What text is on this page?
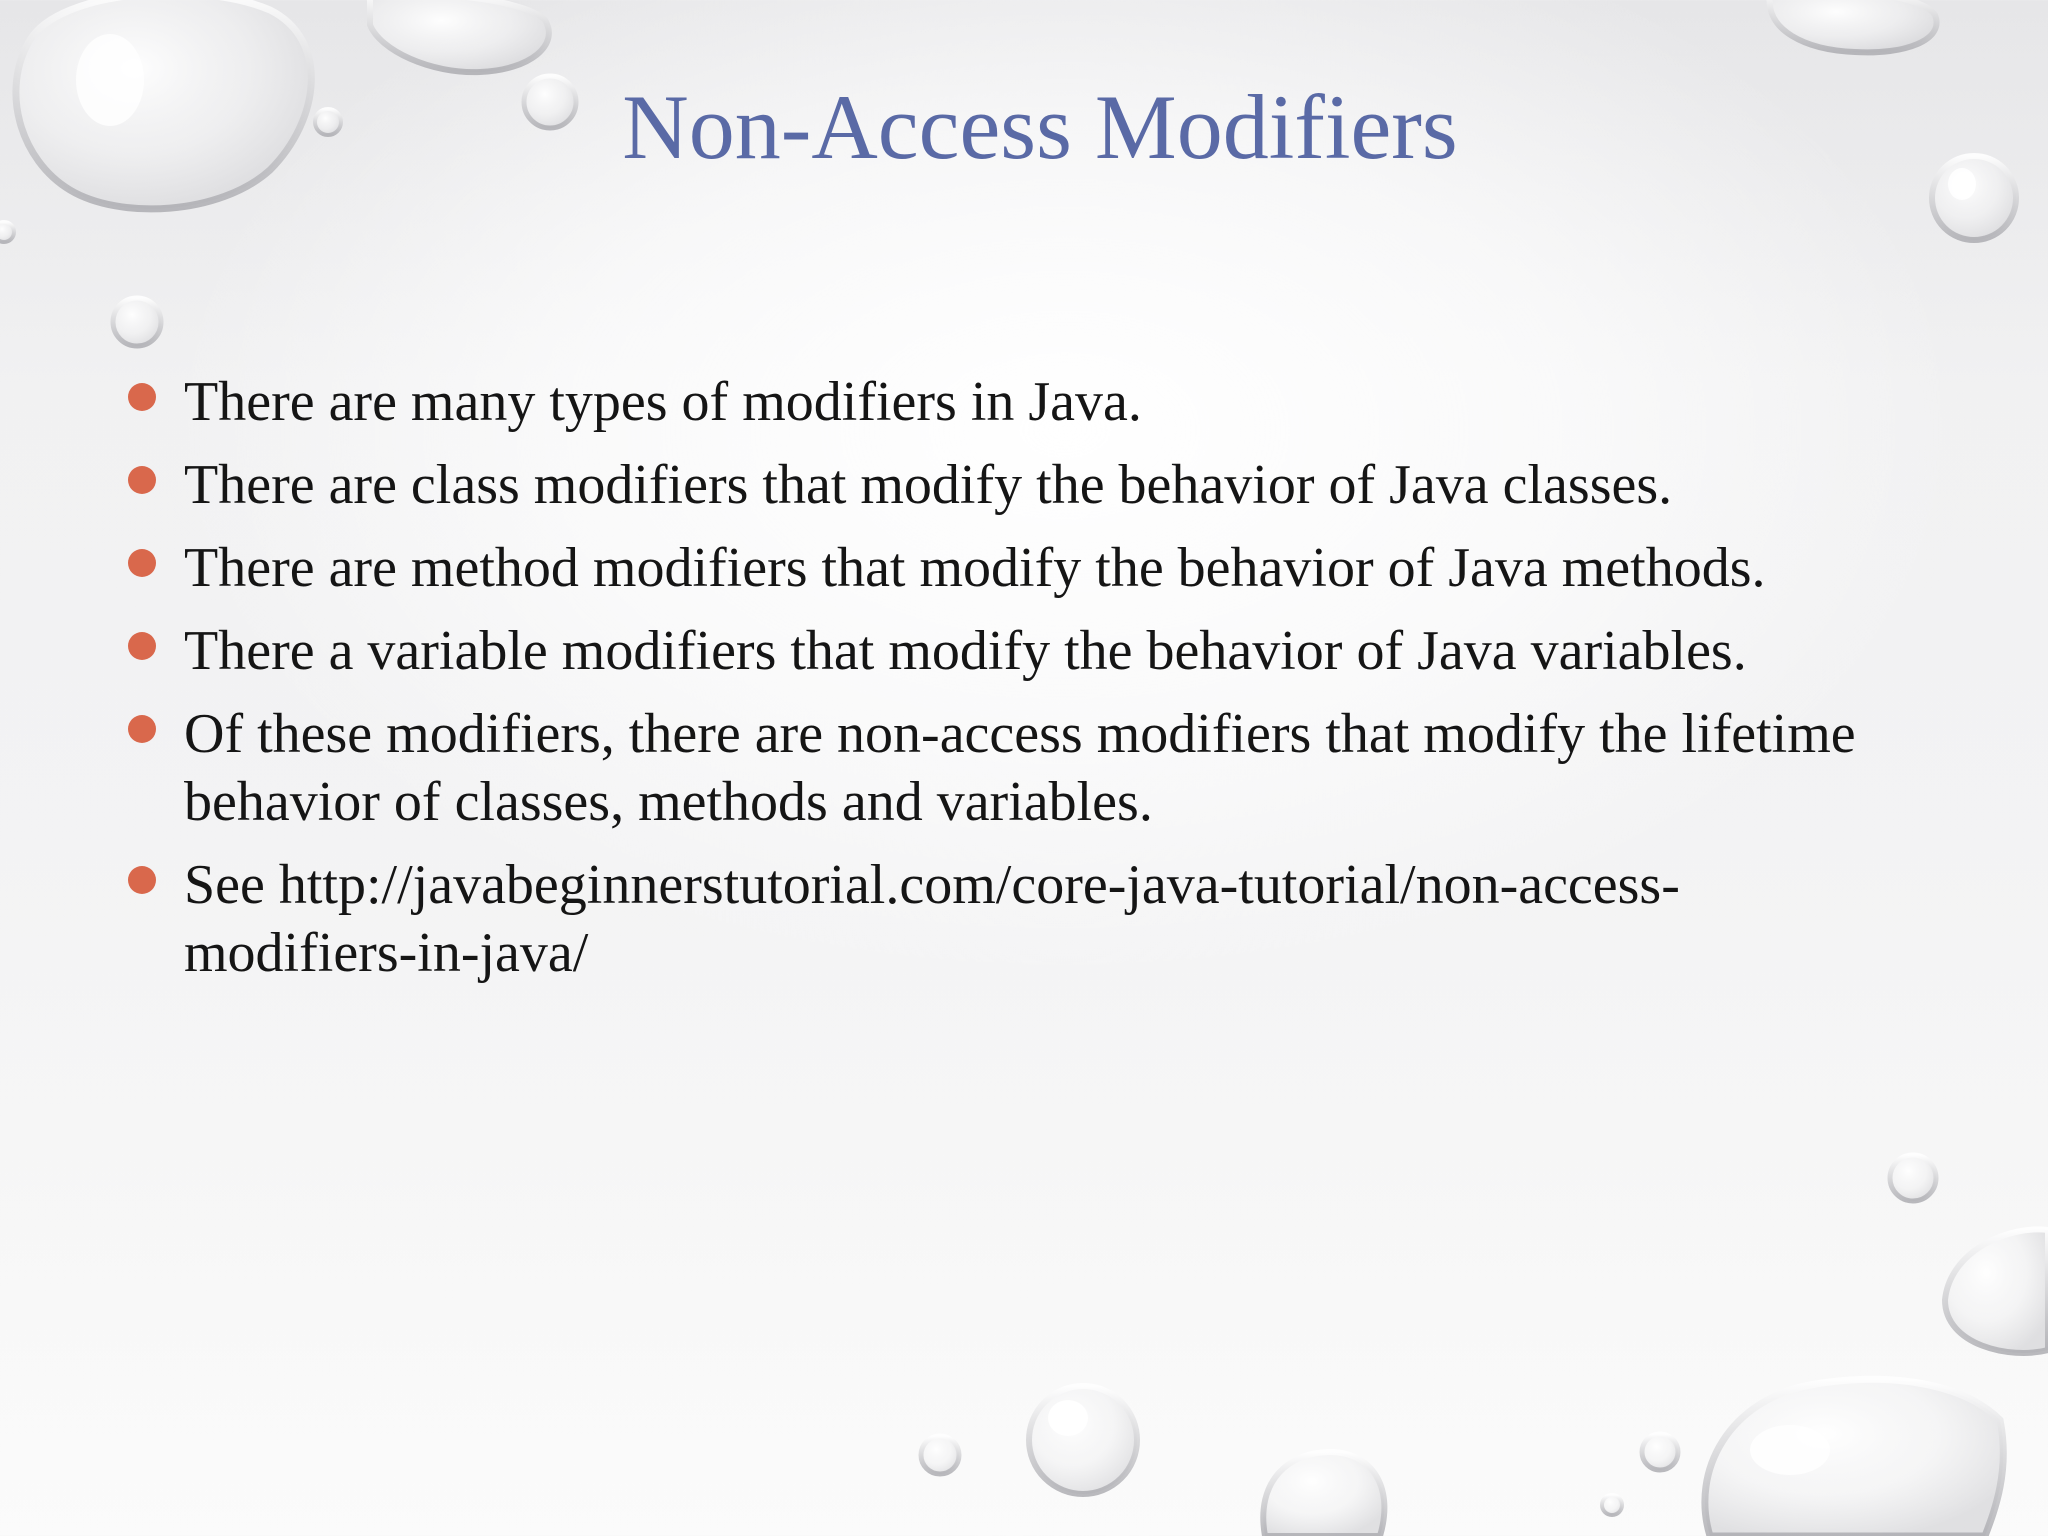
Non-Access Modifiers
There are many types of modifiers in Java.
There are class modifiers that modify the behavior of Java classes.
There are method modifiers that modify the behavior of Java methods.
There a variable modifiers that modify the behavior of Java variables.
Of these modifiers, there are non-access modifiers that modify the lifetime behavior of classes, methods and variables.
See http://javabeginnerstutorial.com/core-java-tutorial/non-access-modifiers-in-java/
